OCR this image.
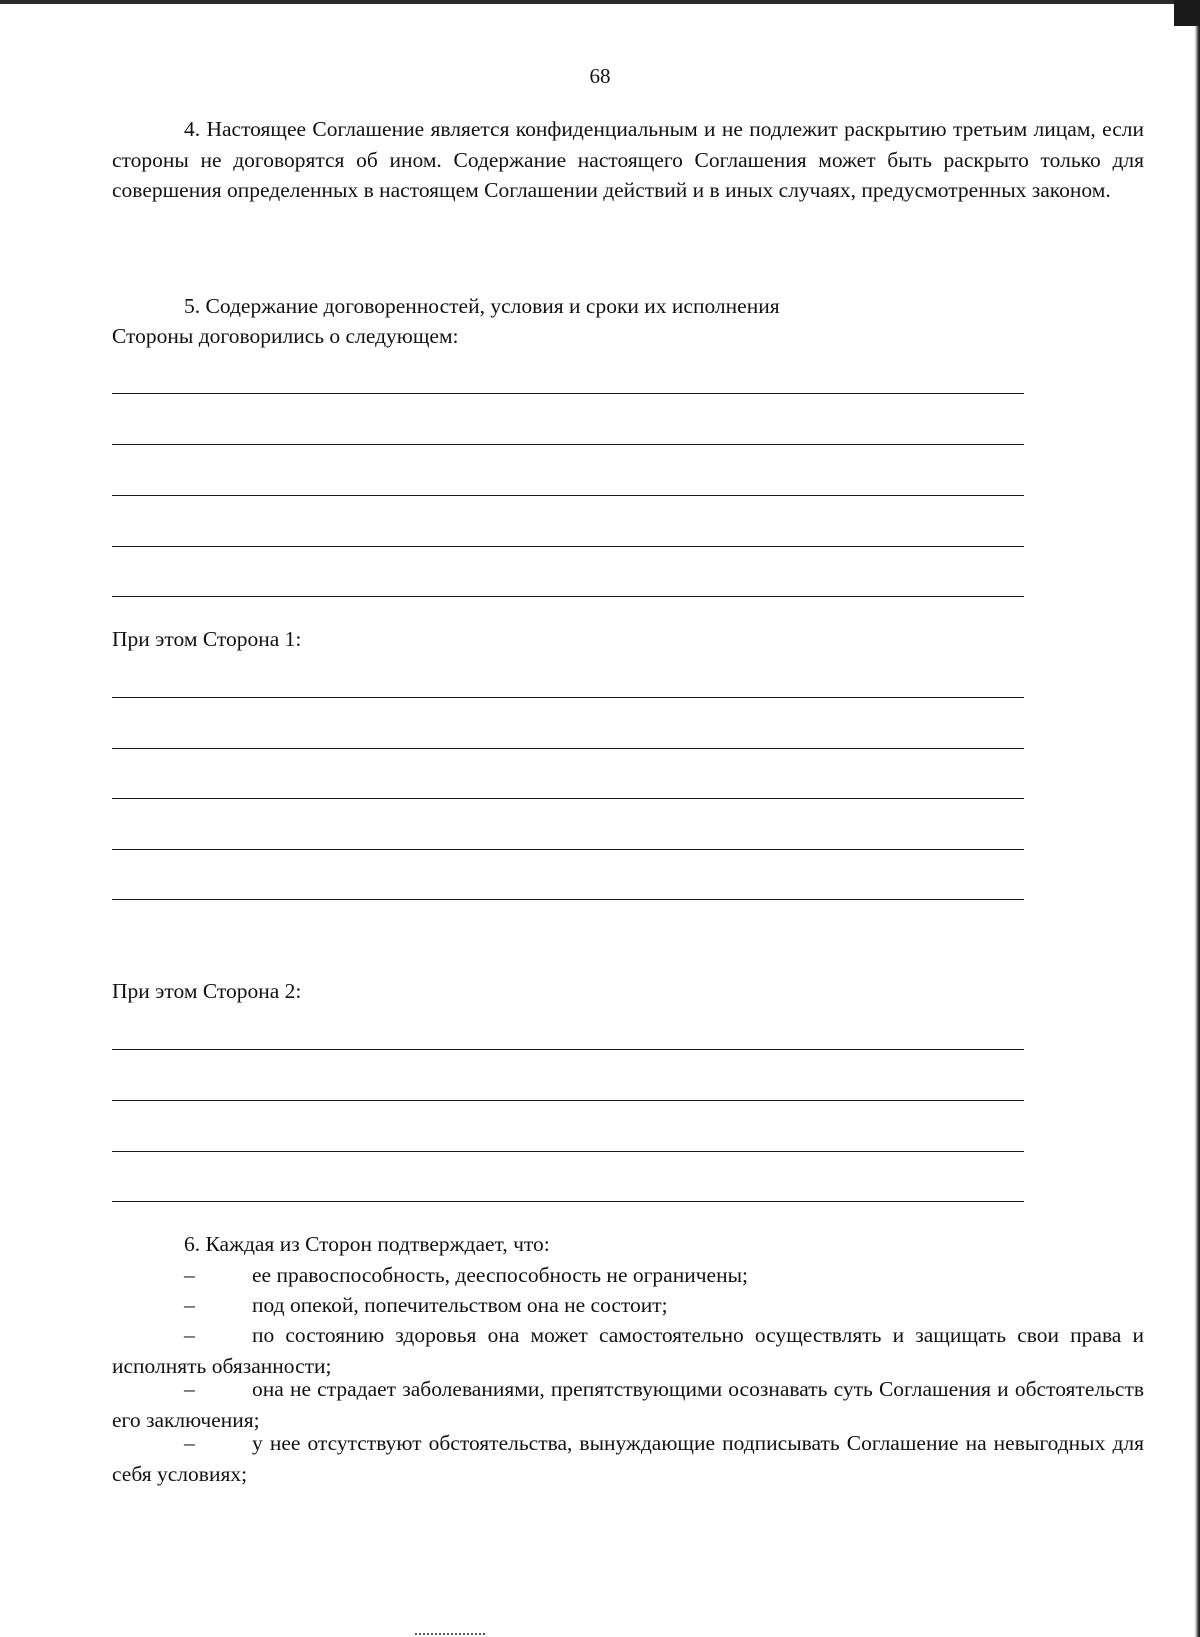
68

4. Настоящее Соглашение является конфиденциальным и не подлежит раскрытию третьим лицам, если стороны не договорятся об ином. Содержание настоящего Соглашения может быть раскрыто только для совершения определенных в настоящем Соглашении действий и в иных случаях, предусмотренных законом.

5. Содержание договоренностей, условия и сроки их исполнения
Стороны договорились о следующем:
При этом Сторона 1:
При этом Сторона 2:
6. Каждая из Сторон подтверждает, что:
–	ее правоспособность, дееспособность не ограничены;
–	под опекой, попечительством она не состоит;

–	по состоянию здоровья она может самостоятельно осуществлять и защищать свои права и исполнять обязанности;

–	она не страдает заболеваниями, препятствующими осознавать суть Соглашения и обстоятельств его заключения;

–	у нее отсутствуют обстоятельства, вынуждающие подписывать Соглашение на невыгодных для себя условиях;
